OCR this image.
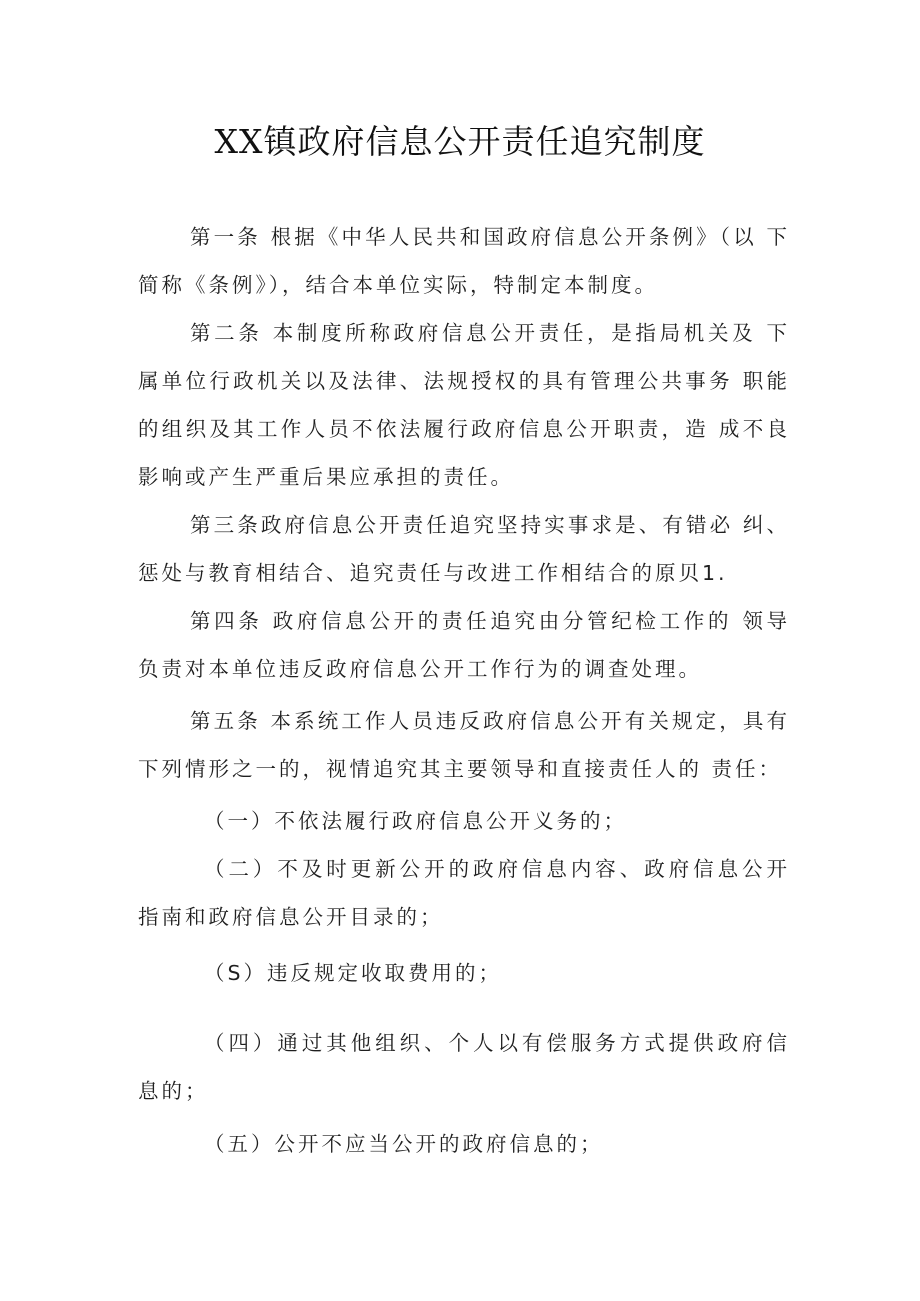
XX镇政府信息公开责任追究制度
第一条 根据《中华人民共和国政府信息公开条例》（以 下简称《条例》），结合本单位实际，特制定本制度。
第二条 本制度所称政府信息公开责任，是指局机关及 下属单位行政机关以及法律、法规授权的具有管理公共事务 职能的组织及其工作人员不依法履行政府信息公开职责，造 成不良影响或产生严重后果应承担的责任。
第三条政府信息公开责任追究坚持实事求是、有错必 纠、惩处与教育相结合、追究责任与改进工作相结合的原贝1.
第四条 政府信息公开的责任追究由分管纪检工作的 领导负责对本单位违反政府信息公开工作行为的调查处理。
第五条 本系统工作人员违反政府信息公开有关规定，具有下列情形之一的，视情追究其主要领导和直接责任人的 责任：
（一）不依法履行政府信息公开义务的；
（二）不及时更新公开的政府信息内容、政府信息公开 指南和政府信息公开目录的；
（S）违反规定收取费用的；
（四）通过其他组织、个人以有偿服务方式提供政府信 息的；
（五）公开不应当公开的政府信息的；
